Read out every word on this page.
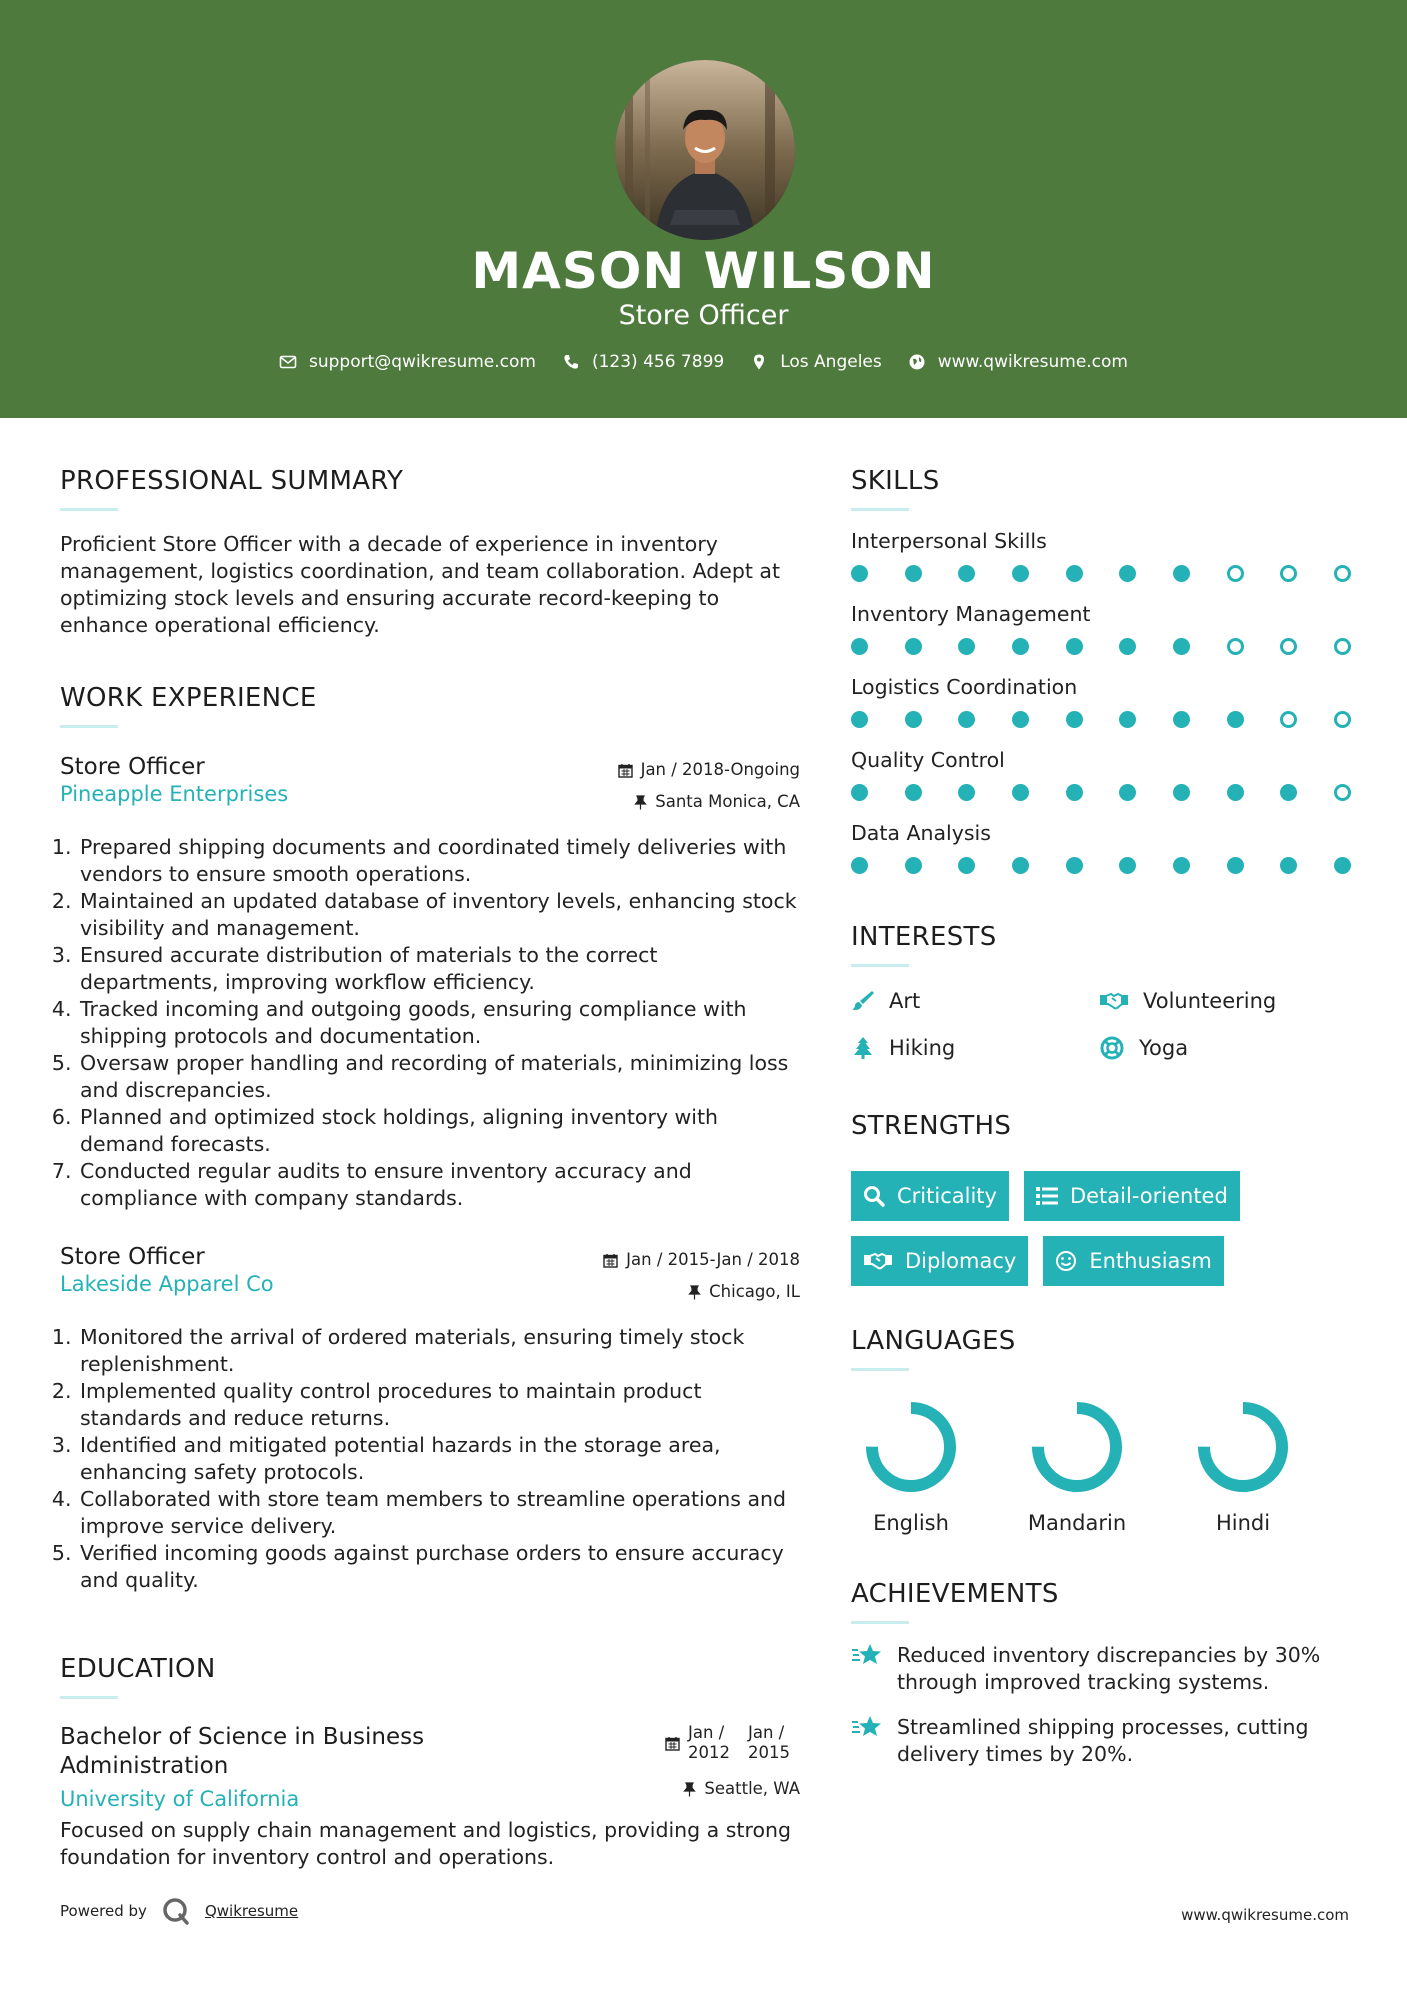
MASON WILSON
Store Officer
support@qwikresume.com	(123) 456 7899	Los Angeles	www.qwikresume.com
PROFESSIONAL SUMMARY

Proficient Store Officer with a decade of experience in inventory management, logistics coordination, and team collaboration. Adept at optimizing stock levels and ensuring accurate record-keeping to enhance operational efficiency.

WORK EXPERIENCE
Store Officer
Pineapple Enterprises
Jan / 2018-Ongoing
Santa Monica, CA
1. Prepared shipping documents and coordinated timely deliveries with vendors to ensure smooth operations.
2. Maintained an updated database of inventory levels, enhancing stock visibility and management.
3. Ensured accurate distribution of materials to the correct departments, improving workflow efficiency.
4. Tracked incoming and outgoing goods, ensuring compliance with shipping protocols and documentation.
5. Oversaw proper handling and recording of materials, minimizing loss and discrepancies.
6. Planned and optimized stock holdings, aligning inventory with demand forecasts.
7. Conducted regular audits to ensure inventory accuracy and compliance with company standards.
Store Officer
Lakeside Apparel Co
Jan / 2015-Jan / 2018
Chicago, IL
1. Monitored the arrival of ordered materials, ensuring timely stock replenishment.
2. Implemented quality control procedures to maintain product standards and reduce returns.
3. Identified and mitigated potential hazards in the storage area, enhancing safety protocols.
4. Collaborated with store team members to streamline operations and improve service delivery.
5. Verified incoming goods against purchase orders to ensure accuracy and quality.
EDUCATION
Bachelor of Science in Business Administration
University of California
Jan /
2012
Jan /
2015
Seattle, WA

Focused on supply chain management and logistics, providing a strong foundation for inventory control and operations.

SKILLS
Interpersonal Skills
Inventory Management
Logistics Coordination
Quality Control
Data Analysis
INTERESTS
Art	Volunteering
Hiking	Yoga
STRENGTHS
Criticality	Detail-oriented
Diplomacy	Enthusiasm
LANGUAGES
English	Mandarin	Hindi
ACHIEVEMENTS
Reduced inventory discrepancies by 30% through improved tracking systems.
Streamlined shipping processes, cutting delivery times by 20%.
Powered by	Qwikresume	www.qwikresume.com
